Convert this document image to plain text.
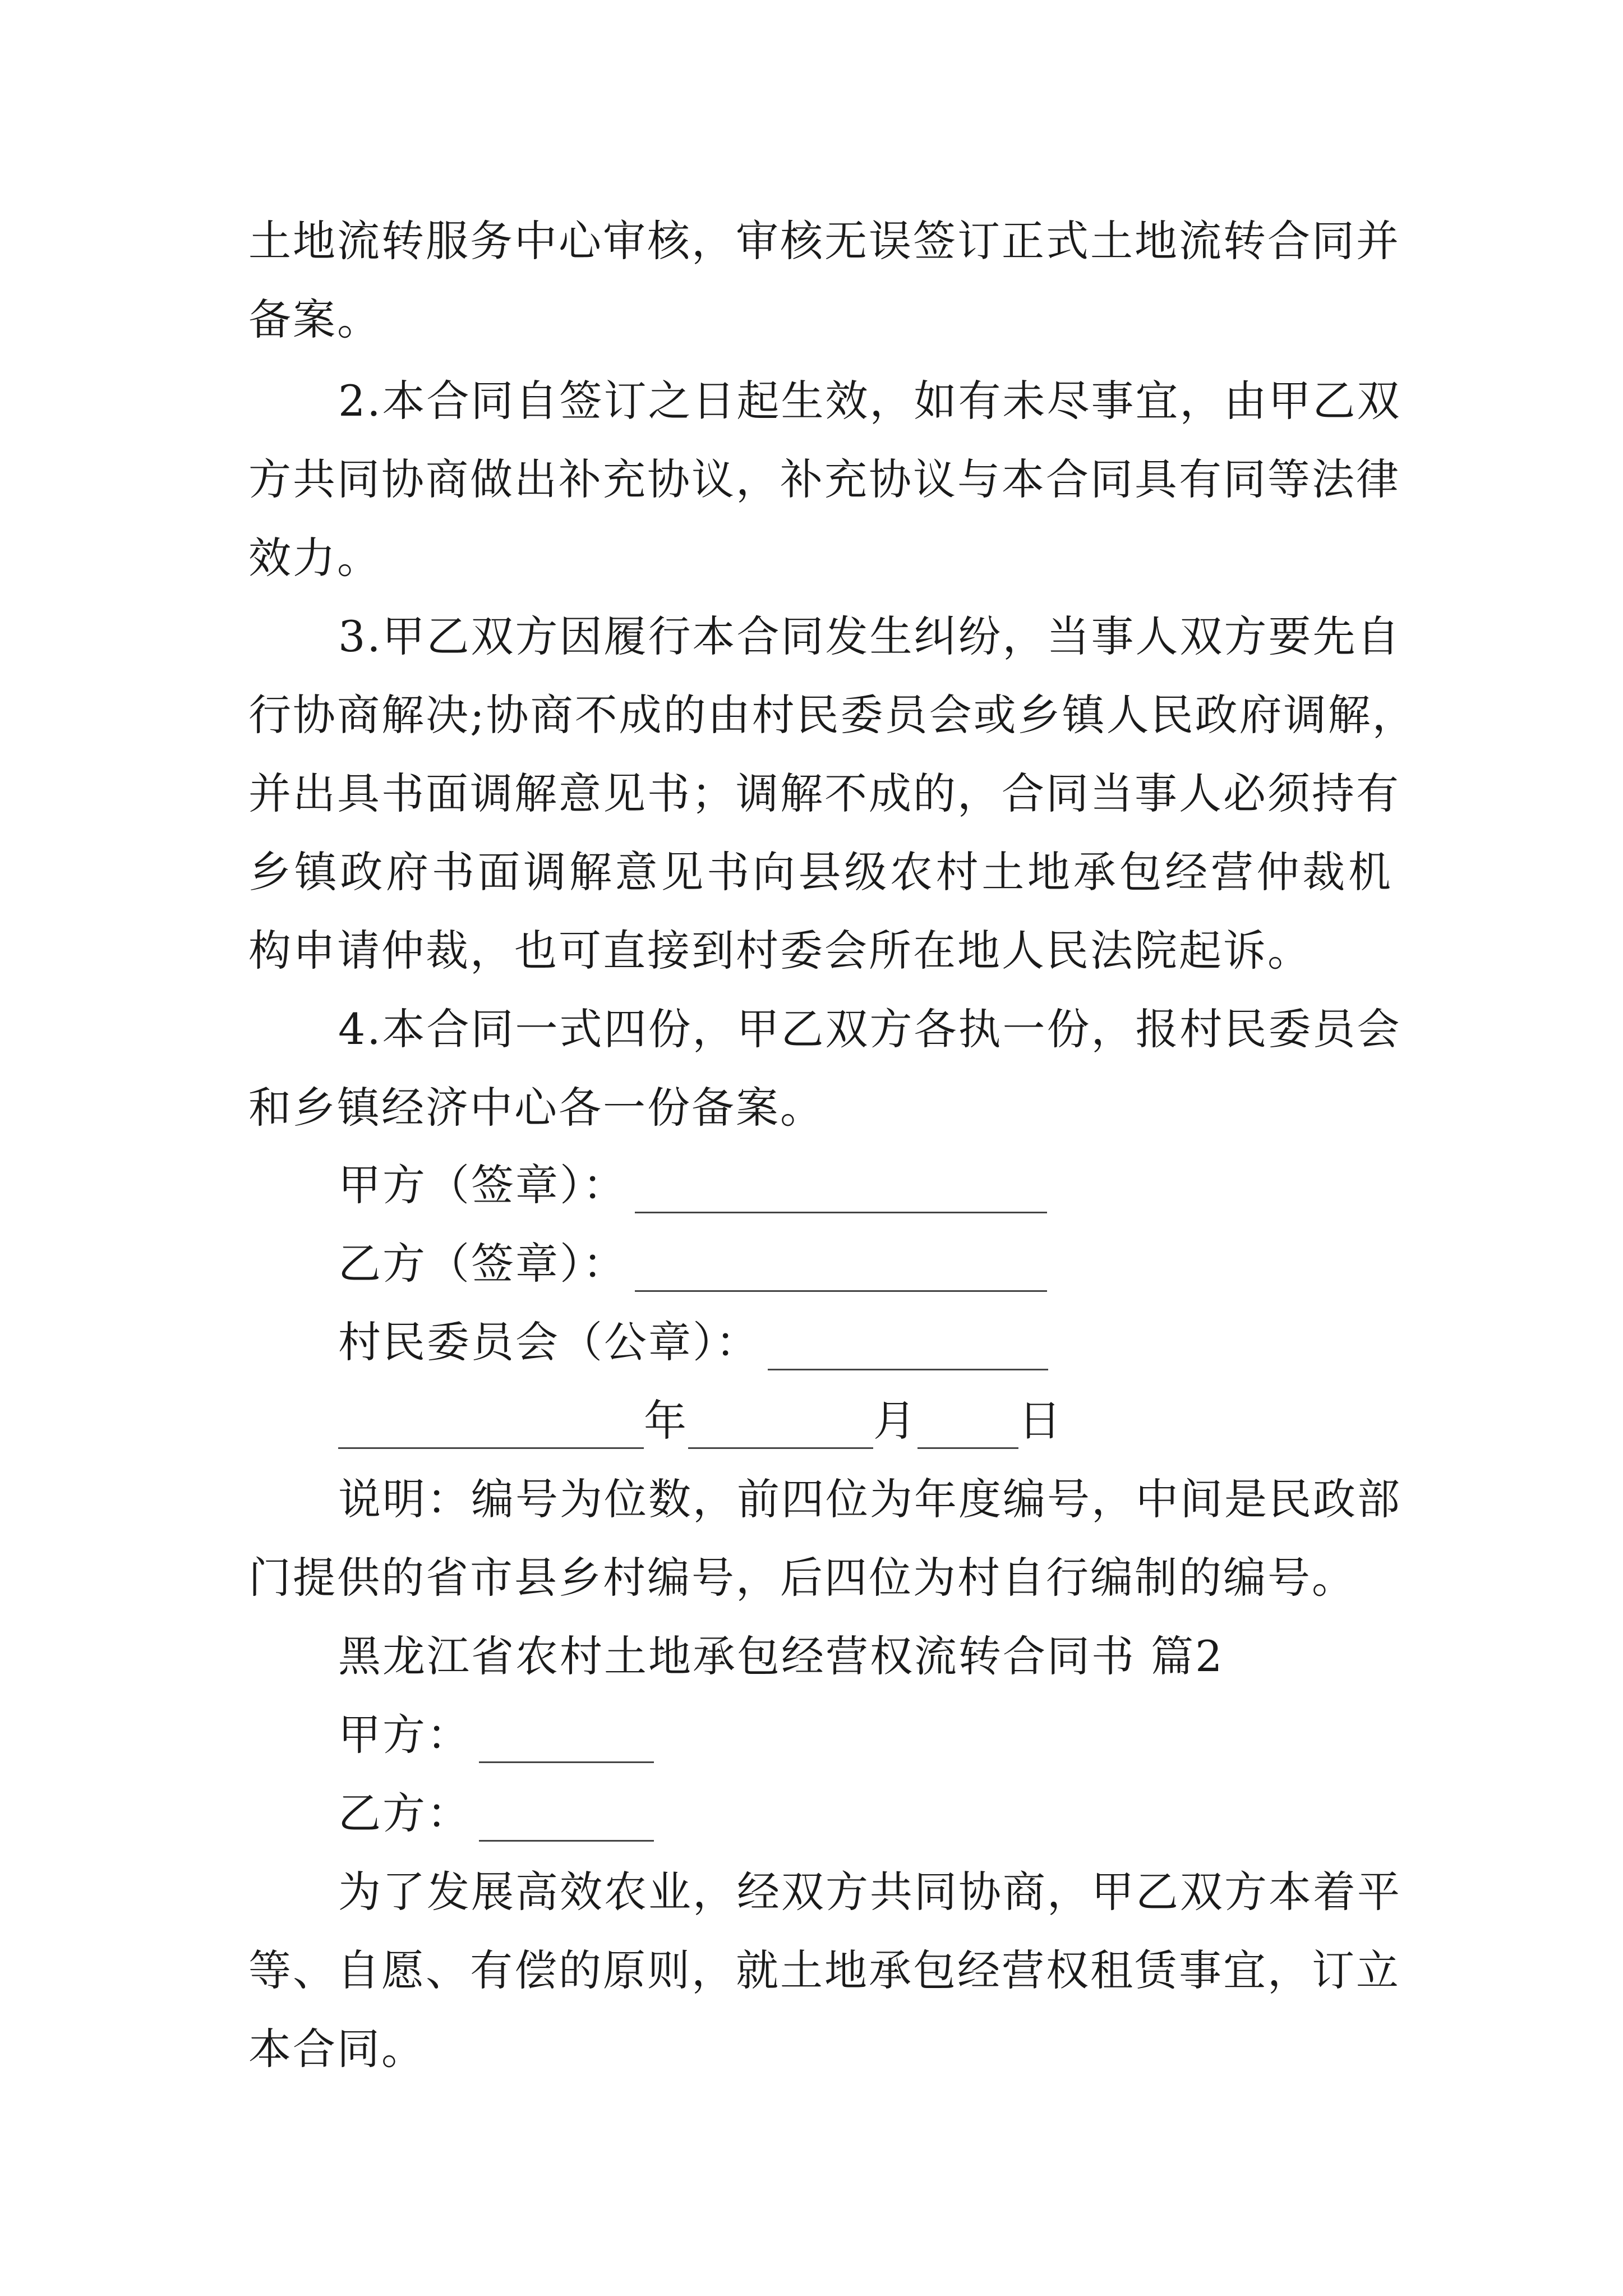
土地流转服务中心审核，审核无误签订正式土地流转合同并
备案。
2.本合同自签订之日起生效，如有未尽事宜，由甲乙双
方共同协商做出补充协议，补充协议与本合同具有同等法律
效力。
3.甲乙双方因履行本合同发生纠纷，当事人双方要先自
行协商解决;协商不成的由村民委员会或乡镇人民政府调解，
并出具书面调解意见书；调解不成的，合同当事人必须持有
乡镇政府书面调解意见书向县级农村土地承包经营仲裁机
构申请仲裁，也可直接到村委会所在地人民法院起诉。
4.本合同一式四份，甲乙双方各执一份，报村民委员会
和乡镇经济中心各一份备案。
甲方（签章）：
乙方（签章）：
村民委员会（公章）：
年	月 日
说明：编号为位数，前四位为年度编号，中间是民政部
门提供的省市县乡村编号，后四位为村自行编制的编号。
黑龙江省农村土地承包经营权流转合同书 篇2
甲方：
乙方：
为了发展高效农业，经双方共同协商，甲乙双方本着平
等、自愿、有偿的原则，就土地承包经营权租赁事宜，订立
本合同。
